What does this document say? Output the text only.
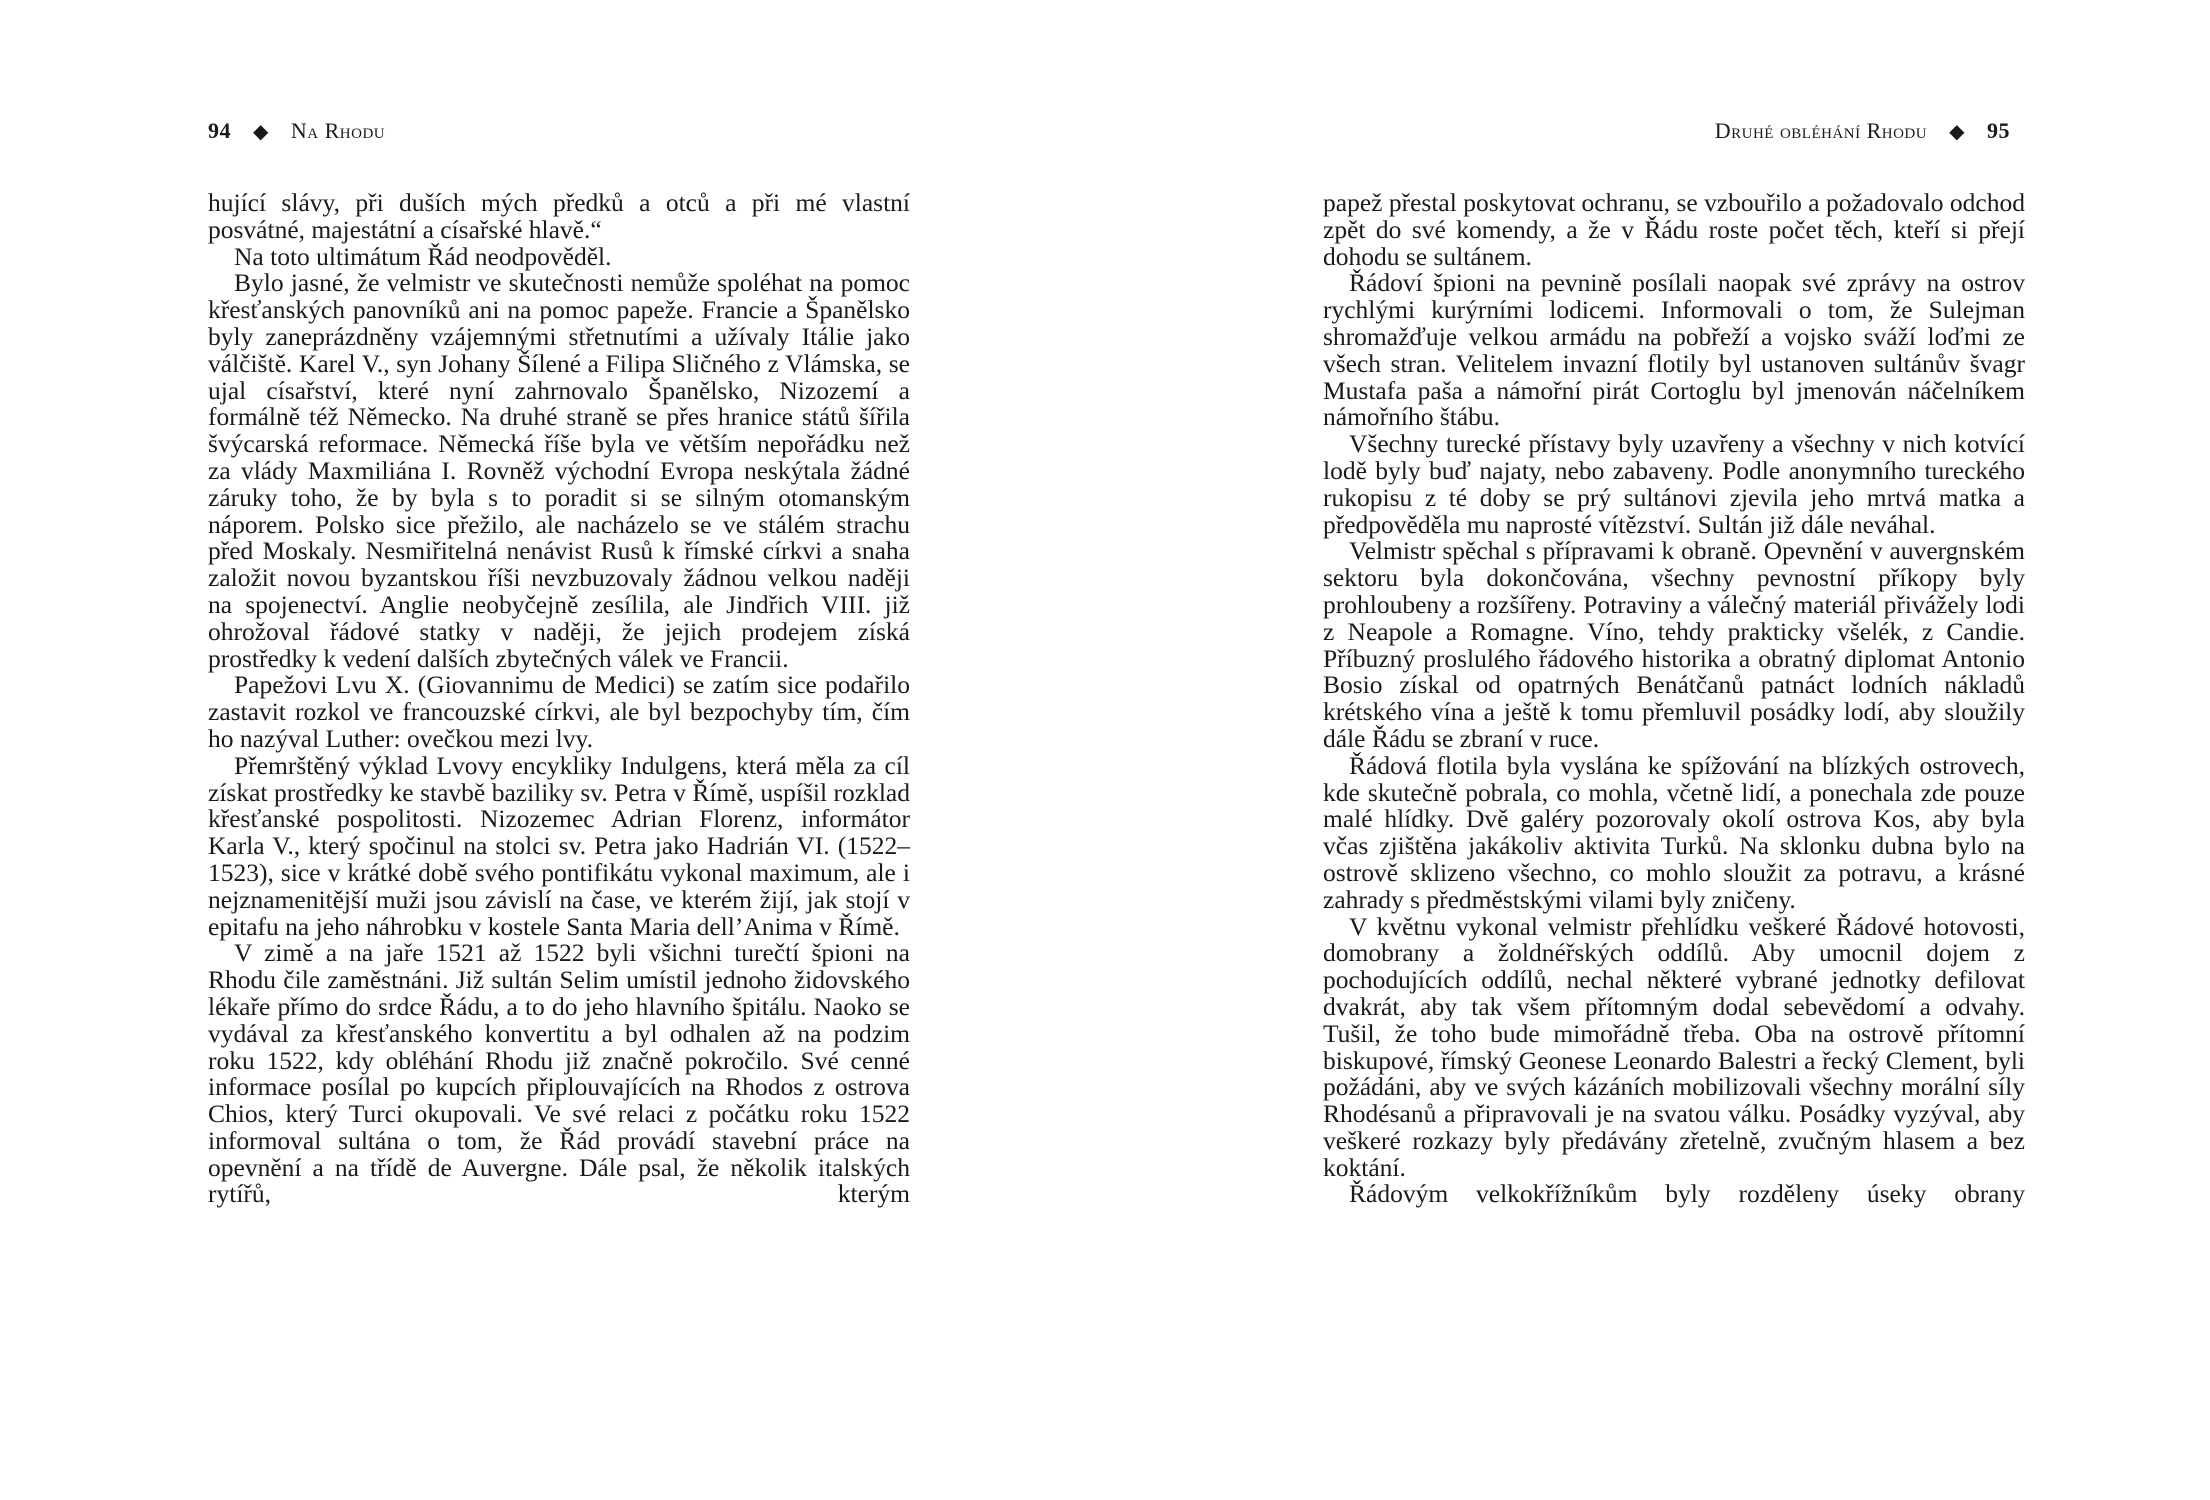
94 ◆ Na Rhodu

hující slávy, při duších mých předků a otců a při mé vlastní posvátné, majestátní a císařské hlavě.“

Na toto ultimátum Řád neodpověděl.

Bylo jasné, že velmistr ve skutečnosti nemůže spoléhat na pomoc křesťanských panovníků ani na pomoc papeže. Francie a Španělsko byly zaneprázdněny vzájemnými střetnutími a užívaly Itálie jako válčiště. Karel V., syn Johany Šílené a Filipa Sličného z Vlámska, se ujal císařství, které nyní zahrnovalo Španělsko, Nizozemí a formálně též Německo. Na druhé straně se přes hranice států šířila švýcarská reformace. Německá říše byla ve větším nepořádku než za vlády Maxmiliána I. Rovněž východní Evropa neskýtala žádné záruky toho, že by byla s to poradit si se silným otomanským náporem. Polsko sice přežilo, ale nacházelo se ve stálém strachu před Moskaly. Nesmiřitelná nenávist Rusů k římské církvi a snaha založit novou byzantskou říši nevzbuzovaly žádnou velkou naději na spojenectví. Anglie neobyčejně zesílila, ale Jindřich VIII. již ohrožoval řádové statky v naději, že jejich prodejem získá prostředky k vedení dalších zbytečných válek ve Francii.

Papežovi Lvu X. (Giovannimu de Medici) se zatím sice podařilo zastavit rozkol ve francouzské církvi, ale byl bezpochyby tím, čím ho nazýval Luther: ovečkou mezi lvy.

Přemrštěný výklad Lvovy encykliky Indulgens, která měla za cíl získat prostředky ke stavbě baziliky sv. Petra v Římě, uspíšil rozklad křesťanské pospolitosti. Nizozemec Adrian Florenz, informátor Karla V., který spočinul na stolci sv. Petra jako Hadrián VI. (1522–1523), sice v krátké době svého pontifikátu vykonal maximum, ale i nejznamenitější muži jsou závislí na čase, ve kterém žijí, jak stojí v epitafu na jeho náhrobku v kostele Santa Maria dell’Anima v Římě.

V zimě a na jaře 1521 až 1522 byli všichni turečtí špioni na Rhodu čile zaměstnáni. Již sultán Selim umístil jednoho židovského lékaře přímo do srdce Řádu, a to do jeho hlavního špitálu. Naoko se vydával za křesťanského konvertitu a byl odhalen až na podzim roku 1522, kdy obléhání Rhodu již značně pokročilo. Své cenné informace posílal po kupcích připlouvajících na Rhodos z ostrova Chios, který Turci okupovali. Ve své relaci z počátku roku 1522 informoval sultána o tom, že Řád provádí stavební práce na opevnění a na třídě de Auvergne. Dále psal, že několik italských rytířů, kterým

Druhé obléhání Rhodu ◆ 95

papež přestal poskytovat ochranu, se vzbouřilo a požadovalo odchod zpět do své komendy, a že v Řádu roste počet těch, kteří si přejí dohodu se sultánem.

Řádoví špioni na pevnině posílali naopak své zprávy na ostrov rychlými kurýrními lodicemi. Informovali o tom, že Sulejman shromažďuje velkou armádu na pobřeží a vojsko sváží loďmi ze všech stran. Velitelem invazní flotily byl ustanoven sultánův švagr Mustafa paša a námořní pirát Cortoglu byl jmenován náčelníkem námořního štábu.

Všechny turecké přístavy byly uzavřeny a všechny v nich kotvící lodě byly buď najaty, nebo zabaveny. Podle anonymního tureckého rukopisu z té doby se prý sultánovi zjevila jeho mrtvá matka a předpověděla mu naprosté vítězství. Sultán již dále neváhal.

Velmistr spěchal s přípravami k obraně. Opevnění v auvergnském sektoru byla dokončována, všechny pevnostní příkopy byly prohloubeny a rozšířeny. Potraviny a válečný materiál přivážely lodi z Neapole a Romagne. Víno, tehdy prakticky všelék, z Candie. Příbuzný proslulého řádového historika a obratný diplomat Antonio Bosio získal od opatrných Benátčanů patnáct lodních nákladů krétského vína a ještě k tomu přemluvil posádky lodí, aby sloužily dále Řádu se zbraní v ruce.

Řádová flotila byla vyslána ke spížování na blízkých ostrovech, kde skutečně pobrala, co mohla, včetně lidí, a ponechala zde pouze malé hlídky. Dvě galéry pozorovaly okolí ostrova Kos, aby byla včas zjištěna jakákoliv aktivita Turků. Na sklonku dubna bylo na ostrově sklizeno všechno, co mohlo sloužit za potravu, a krásné zahrady s předměstskými vilami byly zničeny.

V květnu vykonal velmistr přehlídku veškeré Řádové hotovosti, domobrany a žoldnéřských oddílů. Aby umocnil dojem z pochodujících oddílů, nechal některé vybrané jednotky defilovat dvakrát, aby tak všem přítomným dodal sebevědomí a odvahy. Tušil, že toho bude mimořádně třeba. Oba na ostrově přítomní biskupové, římský Geonese Leonardo Balestri a řecký Clement, byli požádáni, aby ve svých kázáních mobilizovali všechny morální síly Rhodésanů a připravovali je na svatou válku. Posádky vyzýval, aby veškeré rozkazy byly předávány zřetelně, zvučným hlasem a bez koktání.

Řádovým velkokřížníkům byly rozděleny úseky obrany
